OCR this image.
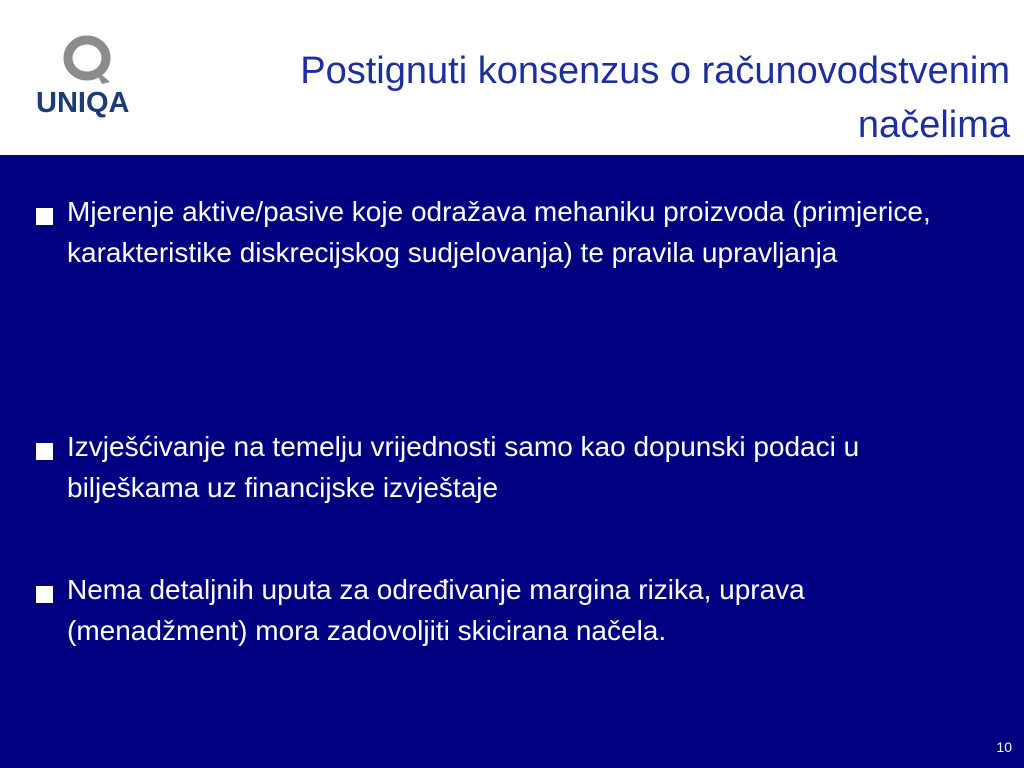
UNIQA
Postignuti konsenzus o računovodstvenim
načelima
Mjerenje aktive/pasive koje odražava mehaniku proizvoda (primjerice, karakteristike diskrecijskog sudjelovanja) te pravila upravljanja
Izvješćivanje na temelju vrijednosti samo kao dopunski podaci u bilješkama uz financijske izvještaje
Nema detaljnih uputa za određivanje margina rizika, uprava (menadžment) mora zadovoljiti skicirana načela.
10
